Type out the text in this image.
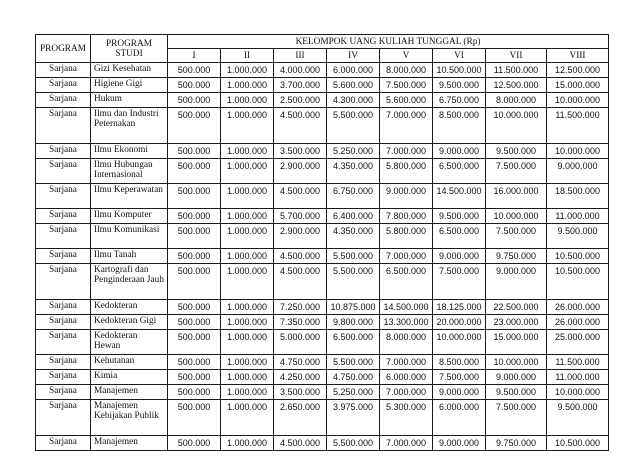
PROGRAM	PROGRAM STUDI	KELOMPOK UANG KULIAH TUNGGAL (Rp)							
		I	II	III	IV	V	VI	VII	VIII
Sarjana	Gizi Kesehatan	500.000	1.000.000	4.000.000	6.000.000	8.000.000	10.500.000	11.500.000	12.500.000
Sarjana	Higiene Gigi	500.000	1.000.000	3.700.000	5.600.000	7.500.000	9.500.000	12.500.000	15.000.000
Sarjana	Hukum	500.000	1.000.000	2.500.000	4.300.000	5.600.000	6.750.000	8.000.000	10.000.000
Sarjana	Ilmu dan Industri Peternakan	500.000	1.000.000	4.500.000	5.500.000	7.000.000	8.500.000	10.000.000	11.500.000
Sarjana	Ilmu Ekonomi	500.000	1.000.000	3.500.000	5.250.000	7.000.000	9.000.000	9.500.000	10.000.000
Sarjana	Ilmu Hubungan Internasional	500.000	1.000.000	2.900.000	4.350.000	5.800.000	6.500.000	7.500.000	9.000.000
Sarjana	Ilmu Keperawatan	500.000	1.000.000	4.500.000	6.750.000	9.000.000	14.500.000	16.000.000	18.500.000
Sarjana	Ilmu Komputer	500.000	1.000.000	5.700.000	6.400.000	7.800.000	9.500.000	10.000.000	11.000.000
Sarjana	Ilmu Komunikasi	500.000	1.000.000	2.900.000	4.350.000	5.800.000	6.500.000	7.500.000	9.500.000
Sarjana	Ilmu Tanah	500.000	1.000.000	4.500.000	5.500.000	7.000.000	9.000.000	9.750.000	10.500.000
Sarjana	Kartografi dan Penginderaan Jauh	500.000	1.000.000	4.500.000	5.500.000	6.500.000	7.500.000	9.000.000	10.500.000
Sarjana	Kedokteran	500.000	1.000.000	7.250.000	10.875.000	14.500.000	18.125.000	22.500.000	26.000.000
Sarjana	Kedokteran Gigi	500.000	1.000.000	7.350.000	9.800.000	13.300.000	20.000.000	23.000.000	26.000.000
Sarjana	Kedokteran Hewan	500.000	1.000.000	5.000.000	6.500.000	8.000.000	10.000.000	15.000.000	25.000.000
Sarjana	Kehutanan	500.000	1.000.000	4.750.000	5.500.000	7.000.000	8.500.000	10.000.000	11.500.000
Sarjana	Kimia	500.000	1.000.000	4.250.000	4.750.000	6.000.000	7.500.000	9.000.000	11.000.000
Sarjana	Manajemen	500.000	1.000.000	3.500.000	5.250.000	7.000.000	9.000.000	9.500.000	10.000.000
Sarjana	Manajemen Kebijakan Publik	500.000	1.000.000	2.650.000	3.975.000	5.300.000	6.000.000	7.500.000	9.500.000
Sarjana	Manajemen	500.000	1.000.000	4.500.000	5.500.000	7.000.000	9.000.000	9.750.000	10.500.000
